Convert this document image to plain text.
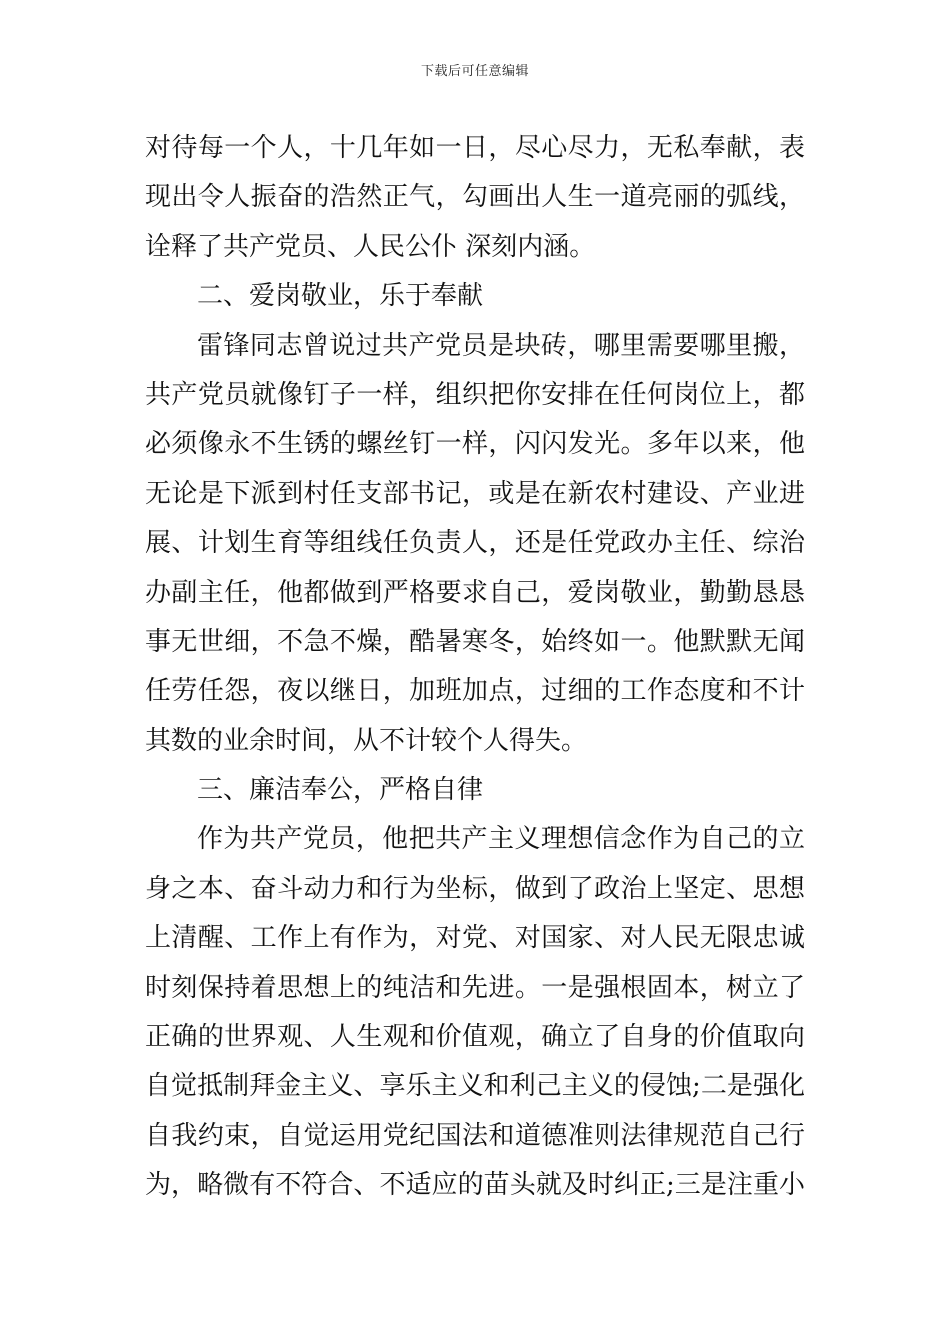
下载后可任意编辑
对待每一个人，十几年如一日，尽心尽力，无私奉献，表
现出令人振奋的浩然正气，勾画出人生一道亮丽的弧线，
诠释了共产党员、人民公仆 深刻内涵。
二、爱岗敬业，乐于奉献
雷锋同志曾说过共产党员是块砖，哪里需要哪里搬，
共产党员就像钉子一样，组织把你安排在任何岗位上，都
必须像永不生锈的螺丝钉一样，闪闪发光。多年以来，他
无论是下派到村任支部书记，或是在新农村建设、产业进
展、计划生育等组线任负责人，还是任党政办主任、综治
办副主任，他都做到严格要求自己，爱岗敬业，勤勤恳恳
事无世细，不急不燥，酷暑寒冬，始终如一。他默默无闻
任劳任怨，夜以继日，加班加点，过细的工作态度和不计
其数的业余时间，从不计较个人得失。
三、廉洁奉公，严格自律
作为共产党员，他把共产主义理想信念作为自己的立
身之本、奋斗动力和行为坐标，做到了政治上坚定、思想
上清醒、工作上有作为，对党、对国家、对人民无限忠诚
时刻保持着思想上的纯洁和先进。一是强根固本，树立了
正确的世界观、人生观和价值观，确立了自身的价值取向
自觉抵制拜金主义、享乐主义和利己主义的侵蚀;二是强化
自我约束，自觉运用党纪国法和道德准则法律规范自己行
为，略微有不符合、不适应的苗头就及时纠正;三是注重小
